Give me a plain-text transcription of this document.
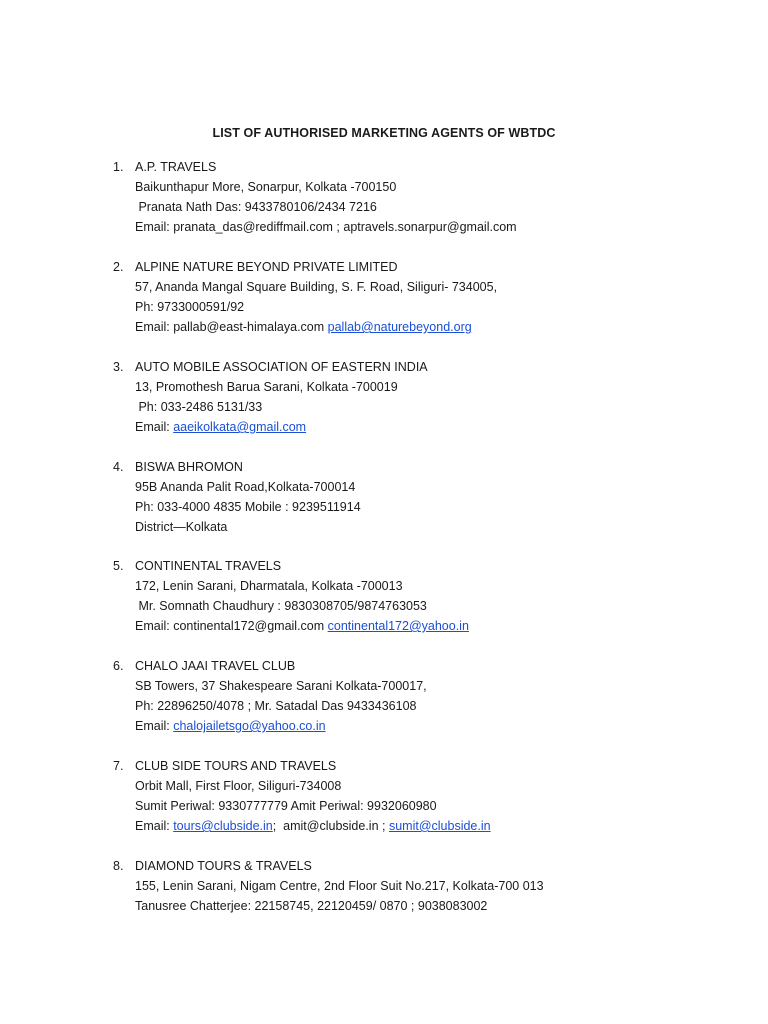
LIST OF AUTHORISED MARKETING AGENTS OF WBTDC
1. A.P. TRAVELS
Baikunthapur More, Sonarpur, Kolkata -700150
Pranata Nath Das: 9433780106/2434 7216
Email: pranata_das@rediffmail.com ; aptravels.sonarpur@gmail.com
2. ALPINE NATURE BEYOND PRIVATE LIMITED
57, Ananda Mangal Square Building, S. F. Road, Siliguri- 734005,
Ph: 9733000591/92
Email: pallab@east-himalaya.com pallab@naturebeyond.org
3. AUTO MOBILE ASSOCIATION OF EASTERN INDIA
13, Promothesh Barua Sarani, Kolkata -700019
Ph: 033-2486 5131/33
Email: aaeikolkata@gmail.com
4. BISWA BHROMON
95B Ananda Palit Road,Kolkata-700014
Ph: 033-4000 4835 Mobile : 9239511914
District—Kolkata
5. CONTINENTAL TRAVELS
172, Lenin Sarani, Dharmatala, Kolkata -700013
Mr. Somnath Chaudhury : 9830308705/9874763053
Email: continental172@gmail.com continental172@yahoo.in
6. CHALO JAAI TRAVEL CLUB
SB Towers, 37 Shakespeare Sarani Kolkata-700017,
Ph: 22896250/4078 ; Mr. Satadal Das 9433436108
Email: chalojailetsgo@yahoo.co.in
7. CLUB SIDE TOURS AND TRAVELS
Orbit Mall, First Floor, Siliguri-734008
Sumit Periwal: 9330777779 Amit Periwal: 9932060980
Email: tours@clubside.in;  amit@clubside.in ; sumit@clubside.in
8. DIAMOND TOURS & TRAVELS
155, Lenin Sarani, Nigam Centre, 2nd Floor Suit No.217, Kolkata-700 013
Tanusree Chatterjee: 22158745, 22120459/ 0870 ; 9038083002
